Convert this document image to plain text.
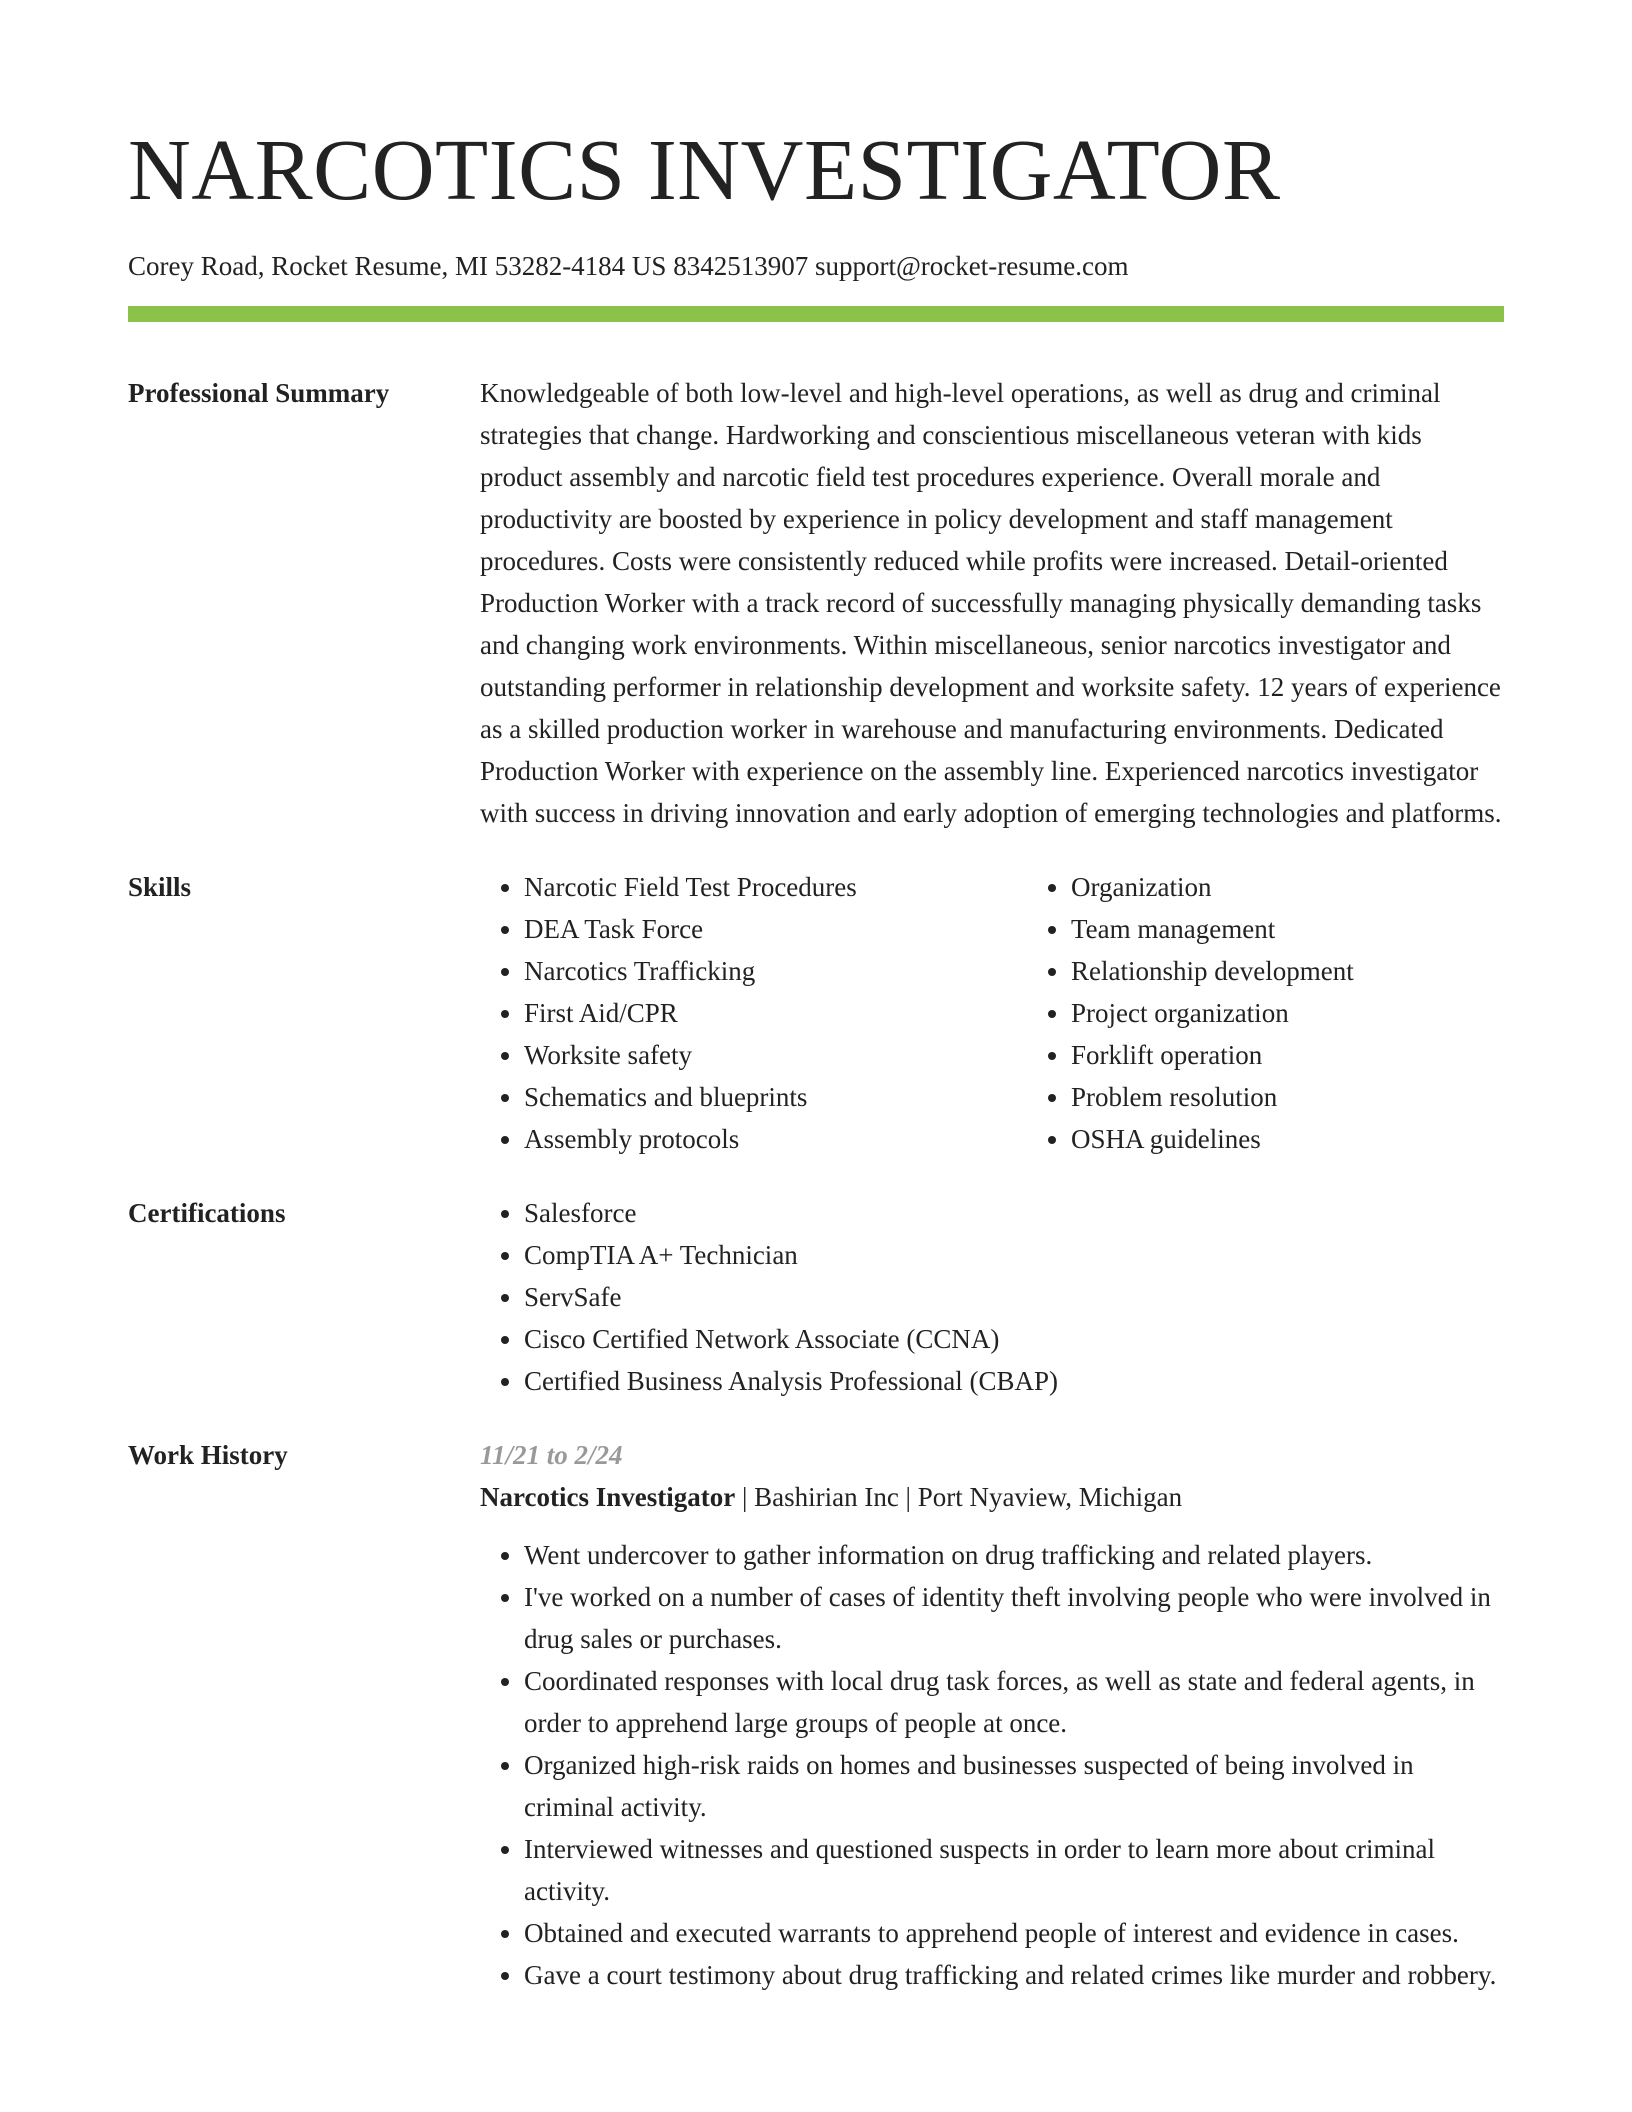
NARCOTICS INVESTIGATOR
Corey Road, Rocket Resume, MI 53282-4184 US 8342513907 support@rocket-resume.com
Professional Summary	Knowledgeable of both low-level and high-level operations, as well as drug and criminal strategies that change. Hardworking and conscientious miscellaneous veteran with kids product assembly and narcotic field test procedures experience. Overall morale and productivity are boosted by experience in policy development and staff management procedures. Costs were consistently reduced while profits were increased. Detail-oriented Production Worker with a track record of successfully managing physically demanding tasks and changing work environments. Within miscellaneous, senior narcotics investigator and outstanding performer in relationship development and worksite safety. 12 years of experience as a skilled production worker in warehouse and manufacturing environments. Dedicated Production Worker with experience on the assembly line. Experienced narcotics investigator with success in driving innovation and early adoption of emerging technologies and platforms.

Skills	• Narcotic Field Test Procedures
• DEA Task Force
• Narcotics Trafficking
• First Aid/CPR
• Worksite safety
• Schematics and blueprints
• Assembly protocols
• Organization
• Team management
• Relationship development
• Project organization
• Forklift operation
• Problem resolution
• OSHA guidelines
Certifications	• Salesforce
• CompTIA A+ Technician
• ServSafe
• Cisco Certified Network Associate (CCNA)
• Certified Business Analysis Professional (CBAP)
Work History	11/21 to 2/24
Narcotics Investigator | Bashirian Inc | Port Nyaview, Michigan
• Went undercover to gather information on drug trafficking and related players.
• I've worked on a number of cases of identity theft involving people who were involved in drug sales or purchases.
• Coordinated responses with local drug task forces, as well as state and federal agents, in order to apprehend large groups of people at once.
• Organized high-risk raids on homes and businesses suspected of being involved in criminal activity.
• Interviewed witnesses and questioned suspects in order to learn more about criminal activity.
• Obtained and executed warrants to apprehend people of interest and evidence in cases.
• Gave a court testimony about drug trafficking and related crimes like murder and robbery.
